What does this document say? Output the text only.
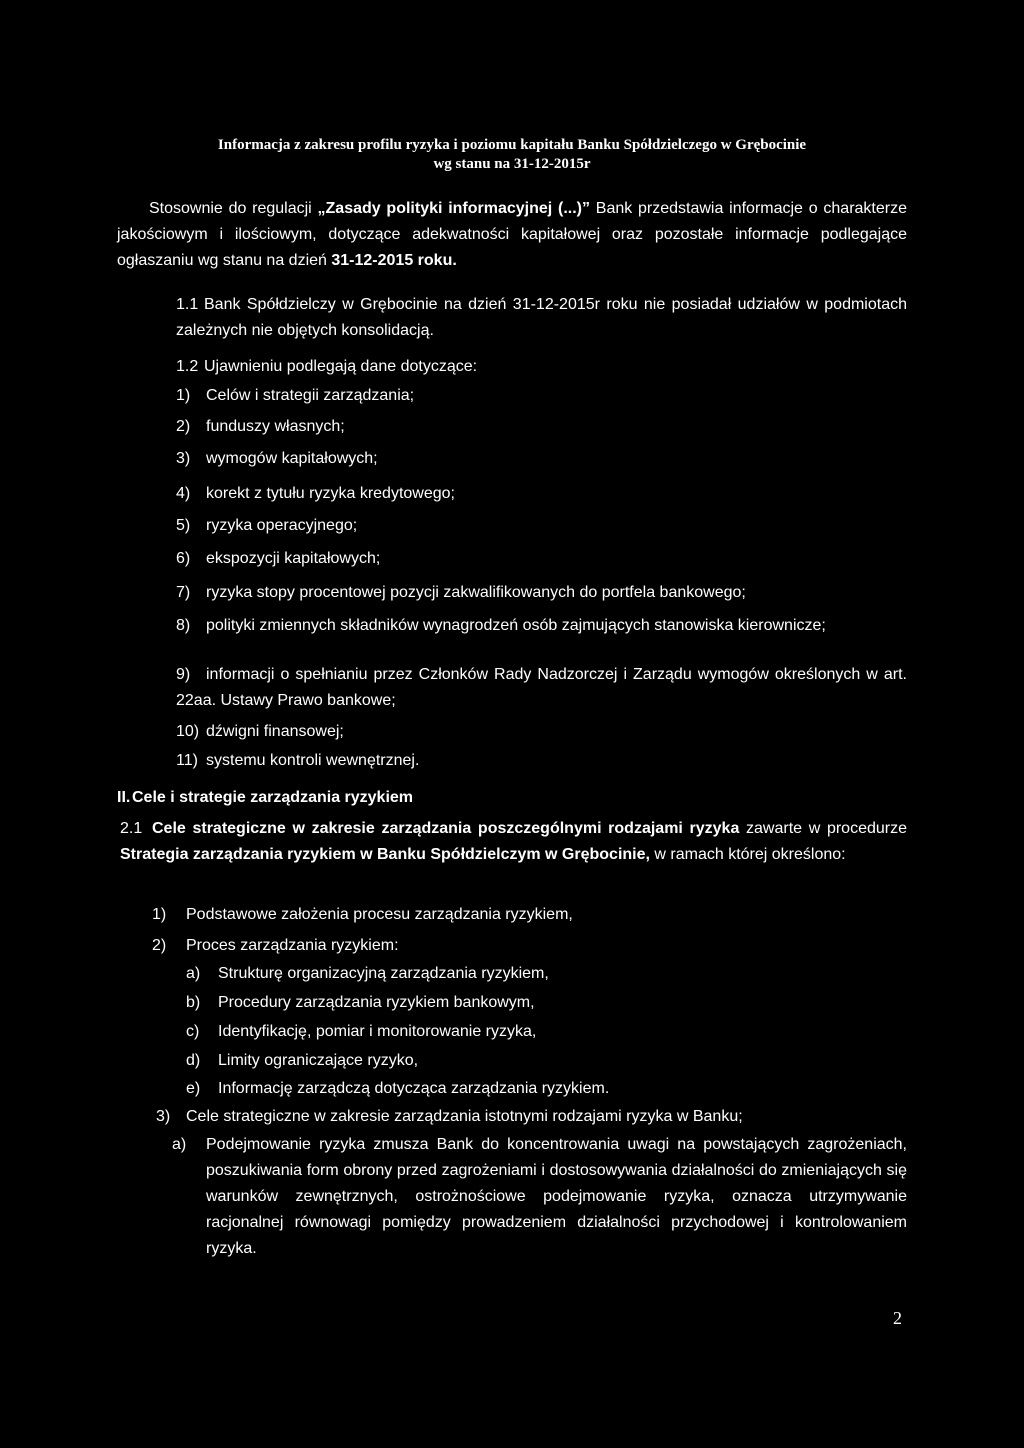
Informacja z zakresu profilu ryzyka i poziomu kapitału Banku Spółdzielczego w Grębocinie
wg stanu na 31-12-2015r
Stosownie do regulacji „Zasady polityki informacyjnej (...)” Bank przedstawia informacje o charakterze jakościowym i ilościowym, dotyczące adekwatności kapitałowej oraz pozostałe informacje podlegające ogłaszaniu wg stanu na dzień 31-12-2015 roku.
1.1 Bank Spółdzielczy w Grębocinie na dzień 31-12-2015r roku nie posiadał udziałów w podmiotach zależnych nie objętych konsolidacją.
1.2 Ujawnieniu podlegają dane dotyczące:
1) Celów i strategii zarządzania;
2) funduszy własnych;
3) wymogów kapitałowych;
4) korekt z tytułu ryzyka kredytowego;
5) ryzyka operacyjnego;
6) ekspozycji kapitałowych;
7) ryzyka stopy procentowej pozycji zakwalifikowanych do portfela bankowego;
8) polityki zmiennych składników wynagrodzeń osób zajmujących stanowiska kierownicze;
9) informacji o spełnianiu przez Członków Rady Nadzorczej i Zarządu wymogów określonych w art. 22aa. Ustawy Prawo bankowe;
10) dźwigni finansowej;
11) systemu kontroli wewnętrznej.
II. Cele i strategie zarządzania ryzykiem
2.1 Cele strategiczne w zakresie zarządzania poszczególnymi rodzajami ryzyka zawarte w procedurze Strategia zarządzania ryzykiem w Banku Spółdzielczym w Grębocinie, w ramach której określono:
1) Podstawowe założenia procesu zarządzania ryzykiem,
2) Proces zarządzania ryzykiem:
a) Strukturę organizacyjną zarządzania ryzykiem,
b) Procedury zarządzania ryzykiem bankowym,
c) Identyfikację, pomiar i monitorowanie ryzyka,
d) Limity ograniczające ryzyko,
e) Informację zarządczą dotycząca zarządzania ryzykiem.
3) Cele strategiczne w zakresie zarządzania istotnymi rodzajami ryzyka w Banku;
a) Podejmowanie ryzyka zmusza Bank do koncentrowania uwagi na powstających zagrożeniach, poszukiwania form obrony przed zagrożeniami i dostosowywania działalności do zmieniających się warunków zewnętrznych, ostrożnościowe podejmowanie ryzyka, oznacza utrzymywanie racjonalnej równowagi pomiędzy prowadzeniem działalności przychodowej i kontrolowaniem ryzyka.
2
